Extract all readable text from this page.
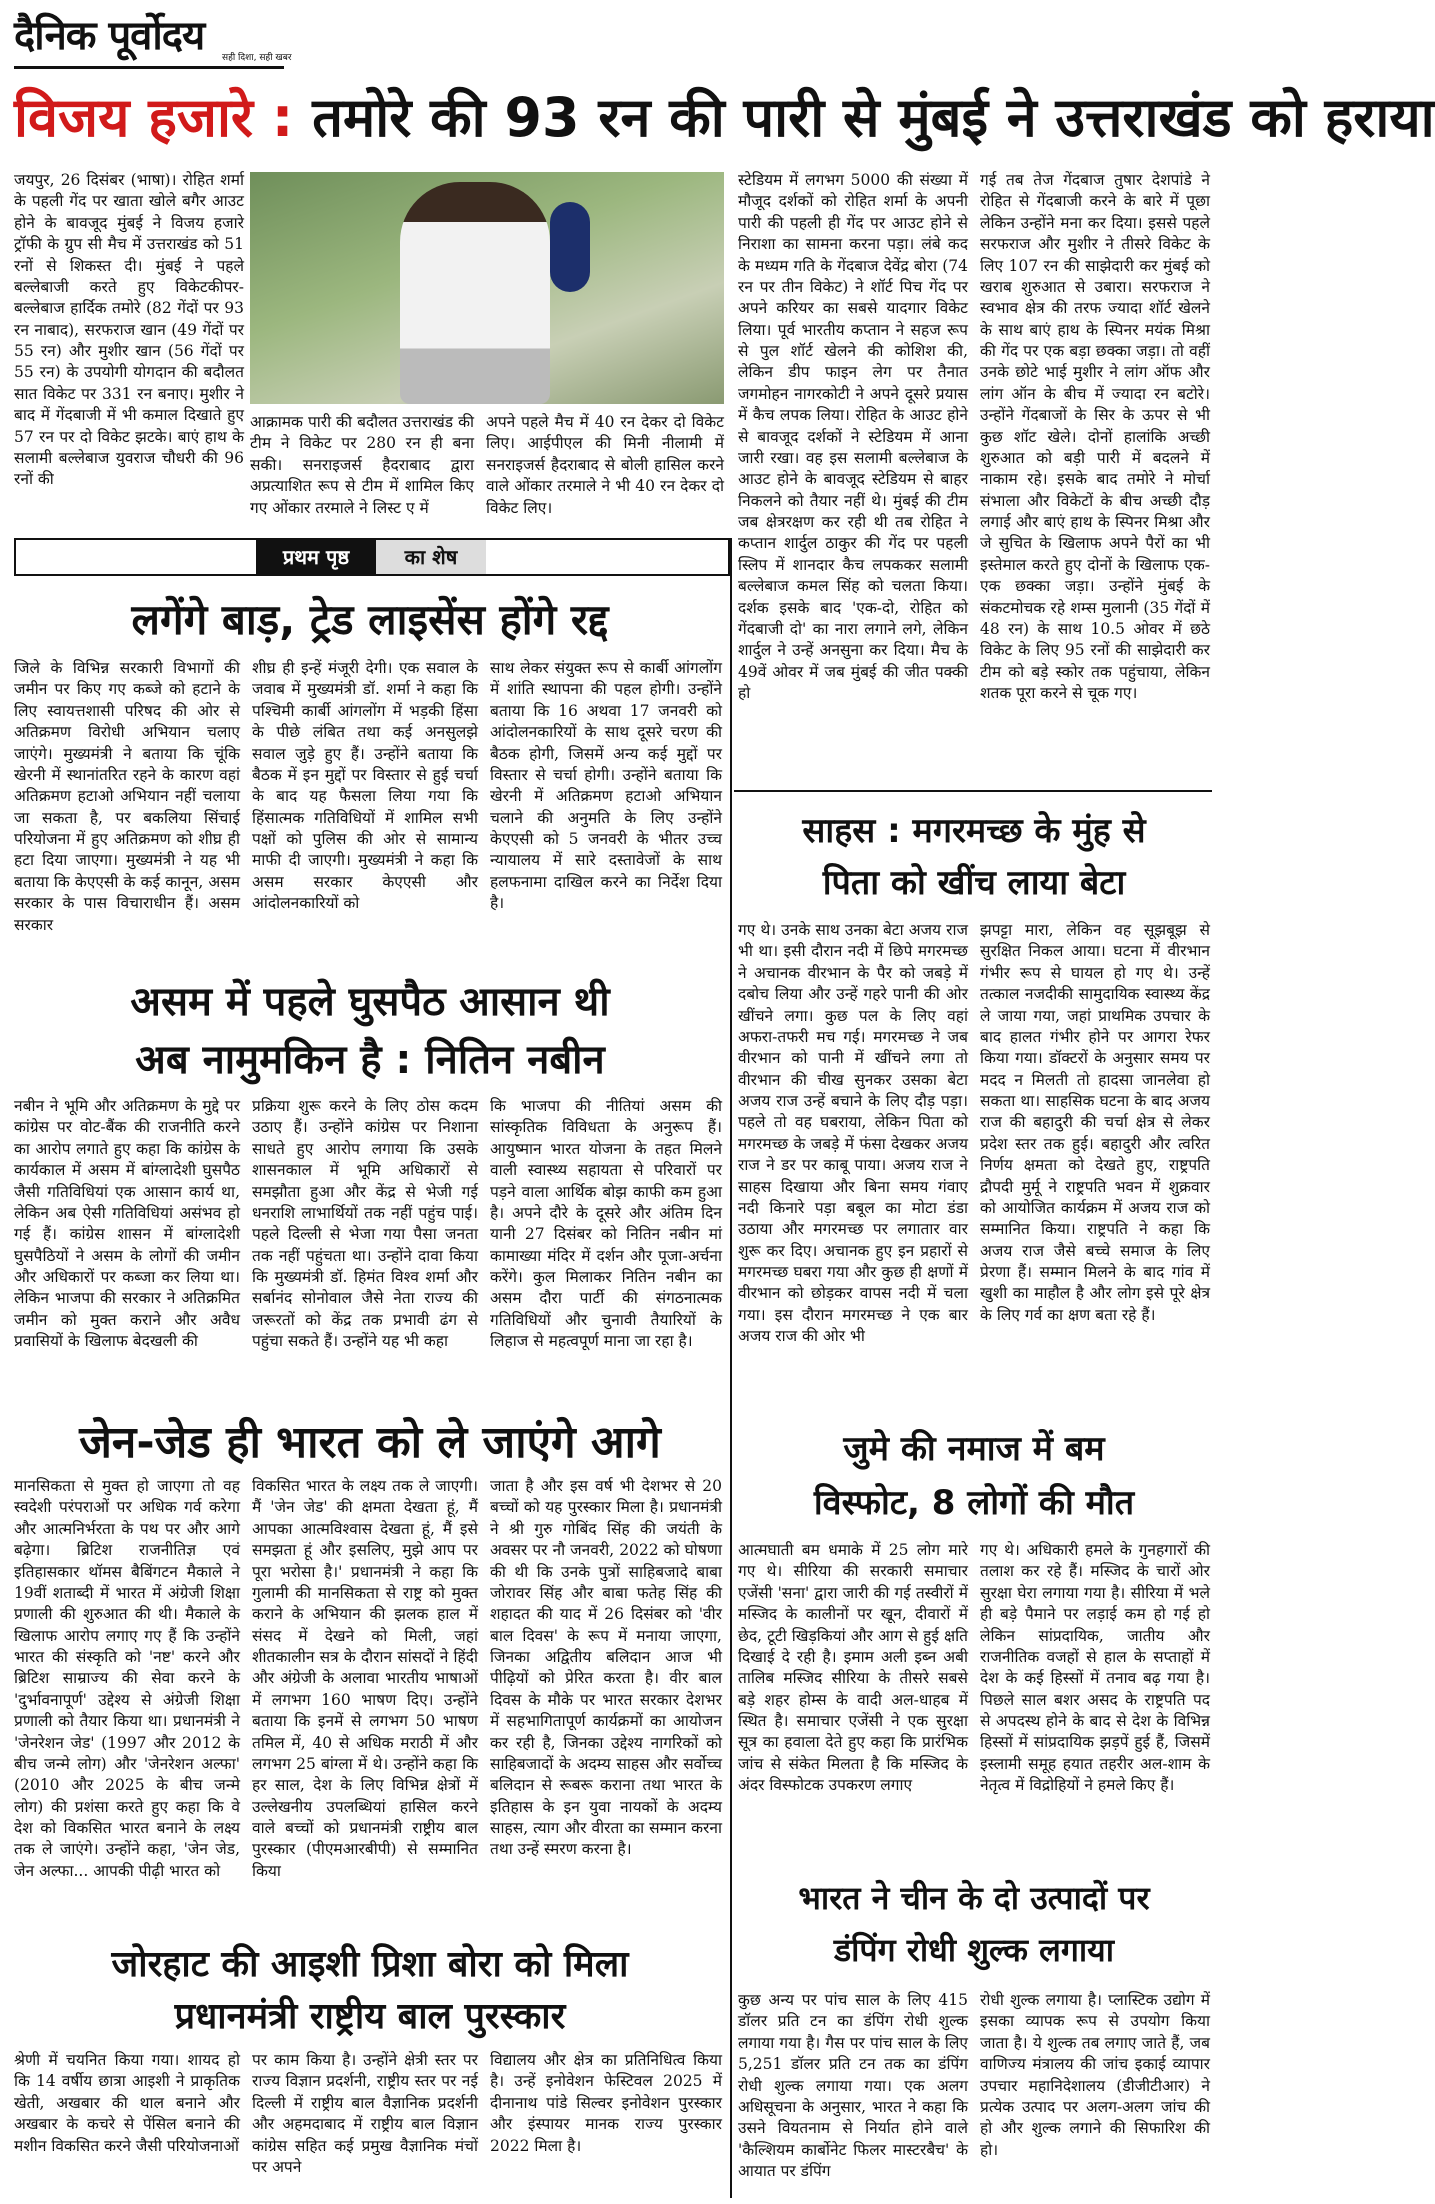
दैनिक पूर्वोदय सही दिशा, सही खबर
विजय हजारे : तमोरे की 93 रन की पारी से मुंबई ने उत्तराखंड को हराया
जयपुर, 26 दिसंबर (भाषा)। रोहित शर्मा के पहली गेंद पर खाता खोले बगैर आउट होने के बावजूद मुंबई ने विजय हजारे ट्रॉफी के ग्रुप सी मैच में उत्तराखंड को 51 रनों से शिकस्त दी। मुंबई ने पहले बल्लेबाजी करते हुए विकेटकीपर-बल्लेबाज हार्दिक तमोरे (82 गेंदों पर 93 रन नाबाद), सरफराज खान (49 गेंदों पर 55 रन) और मुशीर खान (56 गेंदों पर 55 रन) के उपयोगी योगदान की बदौलत सात विकेट पर 331 रन बनाए। मुशीर ने बाद में गेंदबाजी में भी कमाल दिखाते हुए 57 रन पर दो विकेट झटके। बाएं हाथ के सलामी बल्लेबाज युवराज चौधरी की 96 रनों की
आक्रामक पारी की बदौलत उत्तराखंड की टीम ने विकेट पर 280 रन ही बना सकी। सनराइजर्स हैदराबाद द्वारा अप्रत्याशित रूप से टीम में शामिल किए गए ओंकार तरमाले ने लिस्ट ए में
अपने पहले मैच में 40 रन देकर दो विकेट लिए। आईपीएल की मिनी नीलामी में सनराइजर्स हैदराबाद से बोली हासिल करने वाले ओंकार तरमाले ने भी 40 रन देकर दो विकेट लिए।
स्टेडियम में लगभग 5000 की संख्या में मौजूद दर्शकों को रोहित शर्मा के अपनी पारी की पहली ही गेंद पर आउट होने से निराशा का सामना करना पड़ा। लंबे कद के मध्यम गति के गेंदबाज देवेंद्र बोरा (74 रन पर तीन विकेट) ने शॉर्ट पिच गेंद पर अपने करियर का सबसे यादगार विकेट लिया। पूर्व भारतीय कप्तान ने सहज रूप से पुल शॉर्ट खेलने की कोशिश की, लेकिन डीप फाइन लेग पर तैनात जगमोहन नागरकोटी ने अपने दूसरे प्रयास में कैच लपक लिया। रोहित के आउट होने से बावजूद दर्शकों ने स्टेडियम में आना जारी रखा। वह इस सलामी बल्लेबाज के आउट होने के बावजूद स्टेडियम से बाहर निकलने को तैयार नहीं थे। मुंबई की टीम जब क्षेत्ररक्षण कर रही थी तब रोहित ने कप्तान शार्दुल ठाकुर की गेंद पर पहली स्लिप में शानदार कैच लपककर सलामी बल्लेबाज कमल सिंह को चलता किया। दर्शक इसके बाद 'एक-दो, रोहित को गेंदबाजी दो' का नारा लगाने लगे, लेकिन शार्दुल ने उन्हें अनसुना कर दिया। मैच के 49वें ओवर में जब मुंबई की जीत पक्की हो
गई तब तेज गेंदबाज तुषार देशपांडे ने रोहित से गेंदबाजी करने के बारे में पूछा लेकिन उन्होंने मना कर दिया। इससे पहले सरफराज और मुशीर ने तीसरे विकेट के लिए 107 रन की साझेदारी कर मुंबई को खराब शुरुआत से उबारा। सरफराज ने स्वभाव क्षेत्र की तरफ ज्यादा शॉर्ट खेलने के साथ बाएं हाथ के स्पिनर मयंक मिश्रा की गेंद पर एक बड़ा छक्का जड़ा। तो वहीं उनके छोटे भाई मुशीर ने लांग ऑफ और लांग ऑन के बीच में ज्यादा रन बटोरे। उन्होंने गेंदबाजों के सिर के ऊपर से भी कुछ शॉट खेले। दोनों हालांकि अच्छी शुरुआत को बड़ी पारी में बदलने में नाकाम रहे। इसके बाद तमोरे ने मोर्चा संभाला और विकेटों के बीच अच्छी दौड़ लगाई और बाएं हाथ के स्पिनर मिश्रा और जे सुचित के खिलाफ अपने पैरों का भी इस्तेमाल करते हुए दोनों के खिलाफ एक-एक छक्का जड़ा। उन्होंने मुंबई के संकटमोचक रहे शम्स मुलानी (35 गेंदों में 48 रन) के साथ 10.5 ओवर में छठे विकेट के लिए 95 रनों की साझेदारी कर टीम को बड़े स्कोर तक पहुंचाया, लेकिन शतक पूरा करने से चूक गए।
प्रथम पृष्ठ	का शेष
लगेंगे बाड़, ट्रेड लाइसेंस होंगे रद्द
जिले के विभिन्न सरकारी विभागों की जमीन पर किए गए कब्जे को हटाने के लिए स्वायत्तशासी परिषद की ओर से अतिक्रमण विरोधी अभियान चलाए जाएंगे। मुख्यमंत्री ने बताया कि चूंकि खेरनी में स्थानांतरित रहने के कारण वहां अतिक्रमण हटाओ अभियान नहीं चलाया जा सकता है, पर बकलिया सिंचाई परियोजना में हुए अतिक्रमण को शीघ्र ही हटा दिया जाएगा। मुख्यमंत्री ने यह भी बताया कि केएएसी के कई कानून, असम सरकार के पास विचाराधीन हैं। असम सरकार
शीघ्र ही इन्हें मंजूरी देगी। एक सवाल के जवाब में मुख्यमंत्री डॉ. शर्मा ने कहा कि पश्चिमी कार्बी आंगलोंग में भड़की हिंसा के पीछे लंबित तथा कई अनसुलझे सवाल जुड़े हुए हैं। उन्होंने बताया कि बैठक में इन मुद्दों पर विस्तार से हुई चर्चा के बाद यह फैसला लिया गया कि हिंसात्मक गतिविधियों में शामिल सभी पक्षों को पुलिस की ओर से सामान्य माफी दी जाएगी। मुख्यमंत्री ने कहा कि असम सरकार केएएसी और आंदोलनकारियों को
साथ लेकर संयुक्त रूप से कार्बी आंगलोंग में शांति स्थापना की पहल होगी। उन्होंने बताया कि 16 अथवा 17 जनवरी को आंदोलनकारियों के साथ दूसरे चरण की बैठक होगी, जिसमें अन्य कई मुद्दों पर विस्तार से चर्चा होगी। उन्होंने बताया कि खेरनी में अतिक्रमण हटाओ अभियान चलाने की अनुमति के लिए उन्होंने केएएसी को 5 जनवरी के भीतर उच्च न्यायालय में सारे दस्तावेजों के साथ हलफनामा दाखिल करने का निर्देश दिया है।
असम में पहले घुसपैठ आसान थी
अब नामुमकिन है : नितिन नबीन
नबीन ने भूमि और अतिक्रमण के मुद्दे पर कांग्रेस पर वोट-बैंक की राजनीति करने का आरोप लगाते हुए कहा कि कांग्रेस के कार्यकाल में असम में बांग्लादेशी घुसपैठ जैसी गतिविधियां एक आसान कार्य था, लेकिन अब ऐसी गतिविधियां असंभव हो गई हैं। कांग्रेस शासन में बांग्लादेशी घुसपैठियों ने असम के लोगों की जमीन और अधिकारों पर कब्जा कर लिया था। लेकिन भाजपा की सरकार ने अतिक्रमित जमीन को मुक्त कराने और अवैध प्रवासियों के खिलाफ बेदखली की
प्रक्रिया शुरू करने के लिए ठोस कदम उठाए हैं। उन्होंने कांग्रेस पर निशाना साधते हुए आरोप लगाया कि उसके शासनकाल में भूमि अधिकारों से समझौता हुआ और केंद्र से भेजी गई धनराशि लाभार्थियों तक नहीं पहुंच पाई। पहले दिल्ली से भेजा गया पैसा जनता तक नहीं पहुंचता था। उन्होंने दावा किया कि मुख्यमंत्री डॉ. हिमंत विश्व शर्मा और सर्बानंद सोनोवाल जैसे नेता राज्य की जरूरतों को केंद्र तक प्रभावी ढंग से पहुंचा सकते हैं। उन्होंने यह भी कहा
कि भाजपा की नीतियां असम की सांस्कृतिक विविधता के अनुरूप हैं। आयुष्मान भारत योजना के तहत मिलने वाली स्वास्थ्य सहायता से परिवारों पर पड़ने वाला आर्थिक बोझ काफी कम हुआ है। अपने दौरे के दूसरे और अंतिम दिन यानी 27 दिसंबर को नितिन नबीन मां कामाख्या मंदिर में दर्शन और पूजा-अर्चना करेंगे। कुल मिलाकर नितिन नबीन का असम दौरा पार्टी की संगठनात्मक गतिविधियों और चुनावी तैयारियों के लिहाज से महत्वपूर्ण माना जा रहा है।
जेन-जेड ही भारत को ले जाएंगे आगे
मानसिकता से मुक्त हो जाएगा तो वह स्वदेशी परंपराओं पर अधिक गर्व करेगा और आत्मनिर्भरता के पथ पर और आगे बढ़ेगा। ब्रिटिश राजनीतिज्ञ एवं इतिहासकार थॉमस बैबिंगटन मैकाले ने 19वीं शताब्दी में भारत में अंग्रेजी शिक्षा प्रणाली की शुरुआत की थी। मैकाले के खिलाफ आरोप लगाए गए हैं कि उन्होंने भारत की संस्कृति को 'नष्ट' करने और ब्रिटिश साम्राज्य की सेवा करने के 'दुर्भावनापूर्ण' उद्देश्य से अंग्रेजी शिक्षा प्रणाली को तैयार किया था। प्रधानमंत्री ने 'जेनरेशन जेड' (1997 और 2012 के बीच जन्मे लोग) और 'जेनरेशन अल्फा' (2010 और 2025 के बीच जन्मे लोग) की प्रशंसा करते हुए कहा कि वे देश को विकसित भारत बनाने के लक्ष्य तक ले जाएंगे। उन्होंने कहा, 'जेन जेड, जेन अल्फा... आपकी पीढ़ी भारत को
विकसित भारत के लक्ष्य तक ले जाएगी। मैं 'जेन जेड' की क्षमता देखता हूं, मैं आपका आत्मविश्वास देखता हूं, मैं इसे समझता हूं और इसलिए, मुझे आप पर पूरा भरोसा है।' प्रधानमंत्री ने कहा कि गुलामी की मानसिकता से राष्ट्र को मुक्त कराने के अभियान की झलक हाल में संसद में देखने को मिली, जहां शीतकालीन सत्र के दौरान सांसदों ने हिंदी और अंग्रेजी के अलावा भारतीय भाषाओं में लगभग 160 भाषण दिए। उन्होंने बताया कि इनमें से लगभग 50 भाषण तमिल में, 40 से अधिक मराठी में और लगभग 25 बांग्ला में थे। उन्होंने कहा कि हर साल, देश के लिए विभिन्न क्षेत्रों में उल्लेखनीय उपलब्धियां हासिल करने वाले बच्चों को प्रधानमंत्री राष्ट्रीय बाल पुरस्कार (पीएमआरबीपी) से सम्मानित किया
जाता है और इस वर्ष भी देशभर से 20 बच्चों को यह पुरस्कार मिला है। प्रधानमंत्री ने श्री गुरु गोबिंद सिंह की जयंती के अवसर पर नौ जनवरी, 2022 को घोषणा की थी कि उनके पुत्रों साहिबजादे बाबा जोरावर सिंह और बाबा फतेह सिंह की शहादत की याद में 26 दिसंबर को 'वीर बाल दिवस' के रूप में मनाया जाएगा, जिनका अद्वितीय बलिदान आज भी पीढ़ियों को प्रेरित करता है। वीर बाल दिवस के मौके पर भारत सरकार देशभर में सहभागितापूर्ण कार्यक्रमों का आयोजन कर रही है, जिनका उद्देश्य नागरिकों को साहिबजादों के अदम्य साहस और सर्वोच्च बलिदान से रूबरू कराना तथा भारत के इतिहास के इन युवा नायकों के अदम्य साहस, त्याग और वीरता का सम्मान करना तथा उन्हें स्मरण करना है।
जोरहाट की आइशी प्रिशा बोरा को मिला
प्रधानमंत्री राष्ट्रीय बाल पुरस्कार
श्रेणी में चयनित किया गया। शायद हो कि 14 वर्षीय छात्रा आइशी ने प्राकृतिक खेती, अखबार की थाल बनाने और अखबार के कचरे से पेंसिल बनाने की मशीन विकसित करने जैसी परियोजनाओं
पर काम किया है। उन्होंने क्षेत्री स्तर पर राज्य विज्ञान प्रदर्शनी, राष्ट्रीय स्तर पर नई दिल्ली में राष्ट्रीय बाल वैज्ञानिक प्रदर्शनी और अहमदाबाद में राष्ट्रीय बाल विज्ञान कांग्रेस सहित कई प्रमुख वैज्ञानिक मंचों पर अपने
विद्यालय और क्षेत्र का प्रतिनिधित्व किया है। उन्हें इनोवेशन फेस्टिवल 2025 में दीनानाथ पांडे सिल्वर इनोवेशन पुरस्कार और इंस्पायर मानक राज्य पुरस्कार 2022 मिला है।
साहस : मगरमच्छ के मुंह से
पिता को खींच लाया बेटा
गए थे। उनके साथ उनका बेटा अजय राज भी था। इसी दौरान नदी में छिपे मगरमच्छ ने अचानक वीरभान के पैर को जबड़े में दबोच लिया और उन्हें गहरे पानी की ओर खींचने लगा। कुछ पल के लिए वहां अफरा-तफरी मच गई। मगरमच्छ ने जब वीरभान को पानी में खींचने लगा तो वीरभान की चीख सुनकर उसका बेटा अजय राज उन्हें बचाने के लिए दौड़ पड़ा। पहले तो वह घबराया, लेकिन पिता को मगरमच्छ के जबड़े में फंसा देखकर अजय राज ने डर पर काबू पाया। अजय राज ने साहस दिखाया और बिना समय गंवाए नदी किनारे पड़ा बबूल का मोटा डंडा उठाया और मगरमच्छ पर लगातार वार शुरू कर दिए। अचानक हुए इन प्रहारों से मगरमच्छ घबरा गया और कुछ ही क्षणों में वीरभान को छोड़कर वापस नदी में चला गया। इस दौरान मगरमच्छ ने एक बार अजय राज की ओर भी
झपट्टा मारा, लेकिन वह सूझबूझ से सुरक्षित निकल आया। घटना में वीरभान गंभीर रूप से घायल हो गए थे। उन्हें तत्काल नजदीकी सामुदायिक स्वास्थ्य केंद्र ले जाया गया, जहां प्राथमिक उपचार के बाद हालत गंभीर होने पर आगरा रेफर किया गया। डॉक्टरों के अनुसार समय पर मदद न मिलती तो हादसा जानलेवा हो सकता था। साहसिक घटना के बाद अजय राज की बहादुरी की चर्चा क्षेत्र से लेकर प्रदेश स्तर तक हुई। बहादुरी और त्वरित निर्णय क्षमता को देखते हुए, राष्ट्रपति द्रौपदी मुर्मू ने राष्ट्रपति भवन में शुक्रवार को आयोजित कार्यक्रम में अजय राज को सम्मानित किया। राष्ट्रपति ने कहा कि अजय राज जैसे बच्चे समाज के लिए प्रेरणा हैं। सम्मान मिलने के बाद गांव में खुशी का माहौल है और लोग इसे पूरे क्षेत्र के लिए गर्व का क्षण बता रहे हैं।
जुमे की नमाज में बम
विस्फोट, 8 लोगों की मौत
आत्मघाती बम धमाके में 25 लोग मारे गए थे। सीरिया की सरकारी समाचार एजेंसी 'सना' द्वारा जारी की गई तस्वीरों में मस्जिद के कालीनों पर खून, दीवारों में छेद, टूटी खिड़कियां और आग से हुई क्षति दिखाई दे रही है। इमाम अली इब्न अबी तालिब मस्जिद सीरिया के तीसरे सबसे बड़े शहर होम्स के वादी अल-धाहब में स्थित है। समाचार एजेंसी ने एक सुरक्षा सूत्र का हवाला देते हुए कहा कि प्रारंभिक जांच से संकेत मिलता है कि मस्जिद के अंदर विस्फोटक उपकरण लगाए
गए थे। अधिकारी हमले के गुनहगारों की तलाश कर रहे हैं। मस्जिद के चारों ओर सुरक्षा घेरा लगाया गया है। सीरिया में भले ही बड़े पैमाने पर लड़ाई कम हो गई हो लेकिन सांप्रदायिक, जातीय और राजनीतिक वजहों से हाल के सप्ताहों में देश के कई हिस्सों में तनाव बढ़ गया है। पिछले साल बशर असद के राष्ट्रपति पद से अपदस्थ होने के बाद से देश के विभिन्न हिस्सों में सांप्रदायिक झड़पें हुई हैं, जिसमें इस्लामी समूह हयात तहरीर अल-शाम के नेतृत्व में विद्रोहियों ने हमले किए हैं।
भारत ने चीन के दो उत्पादों पर
डंपिंग रोधी शुल्क लगाया
कुछ अन्य पर पांच साल के लिए 415 डॉलर प्रति टन का डंपिंग रोधी शुल्क लगाया गया है। गैस पर पांच साल के लिए 5,251 डॉलर प्रति टन तक का डंपिंग रोधी शुल्क लगाया गया। एक अलग अधिसूचना के अनुसार, भारत ने कहा कि उसने वियतनाम से निर्यात होने वाले 'कैल्शियम कार्बोनेट फिलर मास्टरबैच' के आयात पर डंपिंग
रोधी शुल्क लगाया है। प्लास्टिक उद्योग में इसका व्यापक रूप से उपयोग किया जाता है। ये शुल्क तब लगाए जाते हैं, जब वाणिज्य मंत्रालय की जांच इकाई व्यापार उपचार महानिदेशालय (डीजीटीआर) ने प्रत्येक उत्पाद पर अलग-अलग जांच की हो और शुल्क लगाने की सिफारिश की हो।
